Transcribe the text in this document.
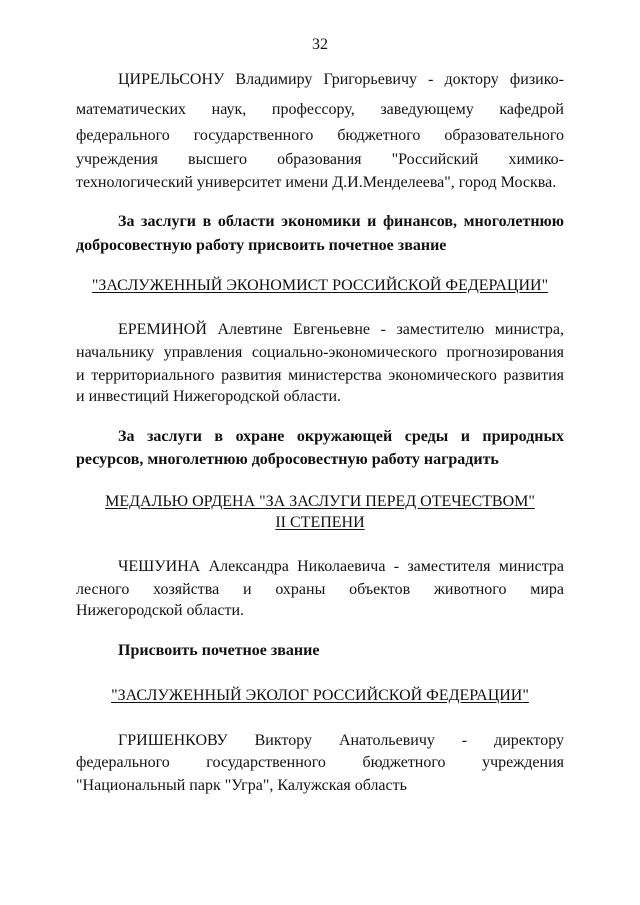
32
ЦИРЕЛЬСОНУ Владимиру Григорьевичу - доктору физико-
математических наук, профессору, заведующему кафедрой
федерального государственного бюджетного образовательного
учреждения высшего образования "Российский химико-
технологический университет имени Д.И.Менделеева", город Москва.
За заслуги в области экономики и финансов, многолетнюю
добросовестную работу присвоить почетное звание
"ЗАСЛУЖЕННЫЙ ЭКОНОМИСТ РОССИЙСКОЙ ФЕДЕРАЦИИ"
ЕРЕМИНОЙ Алевтине Евгеньевне - заместителю министра,
начальнику управления социально-экономического прогнозирования
и территориального развития министерства экономического развития
и инвестиций Нижегородской области.
За заслуги в охране окружающей среды и природных
ресурсов, многолетнюю добросовестную работу наградить
МЕДАЛЬЮ ОРДЕНА "ЗА ЗАСЛУГИ ПЕРЕД ОТЕЧЕСТВОМ"
II СТЕПЕНИ
ЧЕШУИНА Александра Николаевича - заместителя министра
лесного хозяйства и охраны объектов животного мира
Нижегородской области.
Присвоить почетное звание
"ЗАСЛУЖЕННЫЙ ЭКОЛОГ РОССИЙСКОЙ ФЕДЕРАЦИИ"
ГРИШЕНКОВУ Виктору Анатольевичу - директору
федерального государственного бюджетного учреждения
"Национальный парк "Угра", Калужская область
